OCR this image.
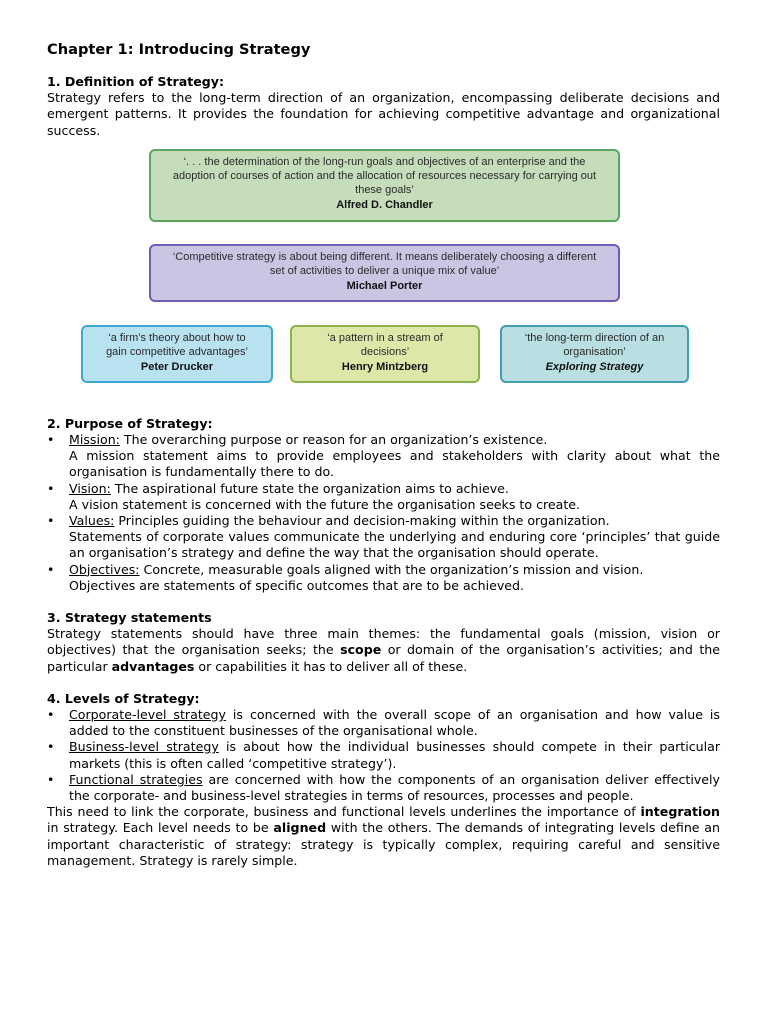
Chapter 1: Introducing Strategy
1. Definition of Strategy:

Strategy refers to the long-term direction of an organization, encompassing deliberate decisions and emergent patterns. It provides the foundation for achieving competitive advantage and organizational success.

‘. . . the determination of the long-run goals and objectives of an enterprise and the adoption of courses of action and the allocation of resources necessary for carrying out these goals’
Alfred D. Chandler
‘Competitive strategy is about being different. It means deliberately choosing a different set of activities to deliver a unique mix of value’
Michael Porter
‘a firm’s theory about how to gain competitive advantages’
Peter Drucker
‘a pattern in a stream of decisions’
Henry Mintzberg
‘the long-term direction of an organisation’
Exploring Strategy
2. Purpose of Strategy:
• Mission: The overarching purpose or reason for an organization’s existence.
A mission statement aims to provide employees and stakeholders with clarity about what the organisation is fundamentally there to do.
• Vision: The aspirational future state the organization aims to achieve.
A vision statement is concerned with the future the organisation seeks to create.
• Values: Principles guiding the behaviour and decision-making within the organization.
Statements of corporate values communicate the underlying and enduring core ‘principles’ that guide an organisation’s strategy and define the way that the organisation should operate.
• Objectives: Concrete, measurable goals aligned with the organization’s mission and vision.
Objectives are statements of specific outcomes that are to be achieved.
3. Strategy statements

Strategy statements should have three main themes: the fundamental goals (mission, vision or objectives) that the organisation seeks; the scope or domain of the organisation’s activities; and the particular advantages or capabilities it has to deliver all of these.

4. Levels of Strategy:
• Corporate-level strategy is concerned with the overall scope of an organisation and how value is added to the constituent businesses of the organisational whole.
• Business-level strategy is about how the individual businesses should compete in their particular markets (this is often called ‘competitive strategy’).
• Functional strategies are concerned with how the components of an organisation deliver effectively the corporate- and business-level strategies in terms of resources, processes and people.

This need to link the corporate, business and functional levels underlines the importance of integration in strategy. Each level needs to be aligned with the others. The demands of integrating levels define an important characteristic of strategy: strategy is typically complex, requiring careful and sensitive management. Strategy is rarely simple.
